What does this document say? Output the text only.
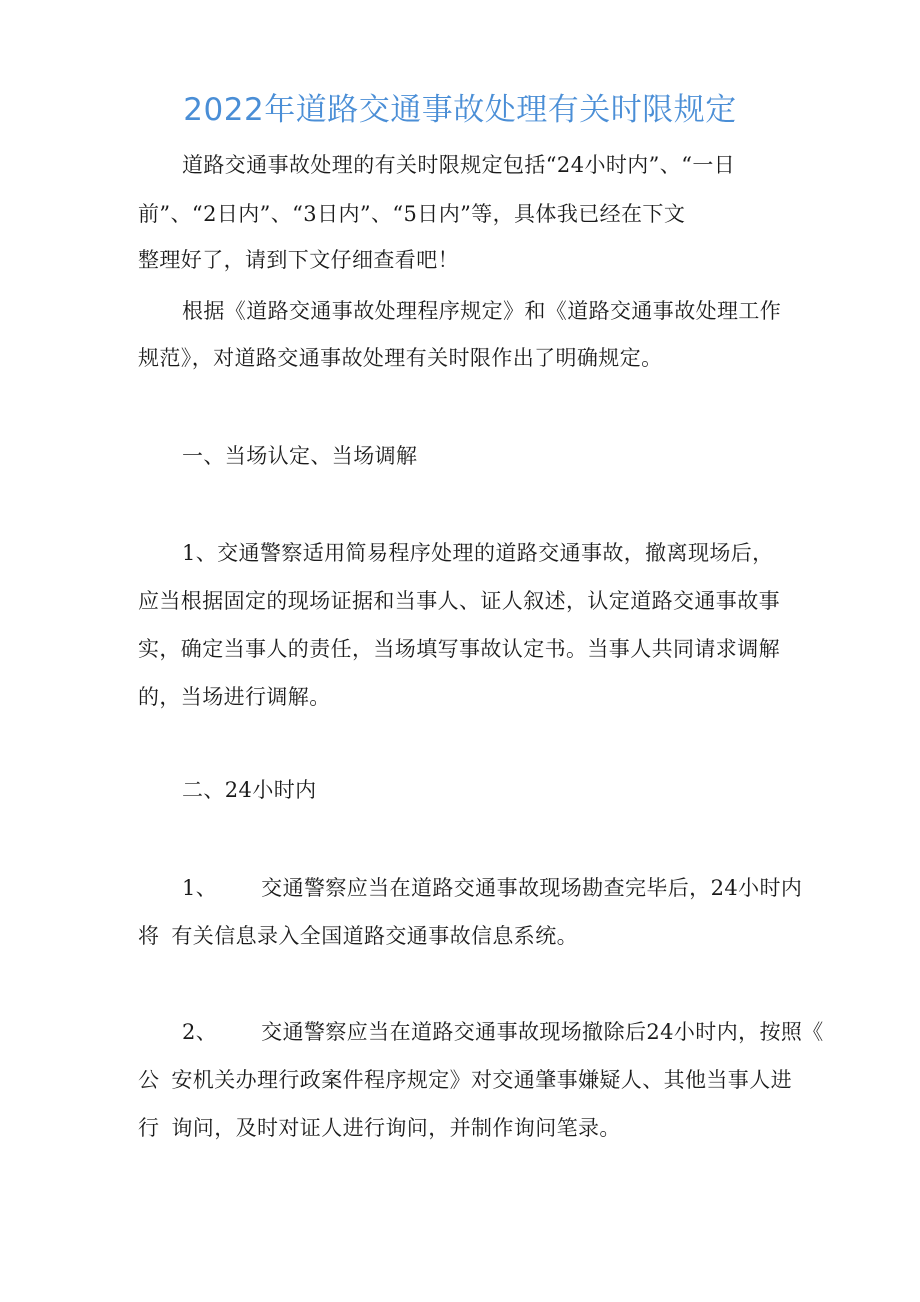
2022年道路交通事故处理有关时限规定
道路交通事故处理的有关时限规定包括“24小时内”、“一日
前”、“2日内”、“3日内”、“5日内”等，具体我已经在下文
整理好了，请到下文仔细查看吧！
根据《道路交通事故处理程序规定》和《道路交通事故处理工作
规范》，对道路交通事故处理有关时限作出了明确规定。
一、当场认定、当场调解
1、交通警察适用简易程序处理的道路交通事故，撤离现场后，
应当根据固定的现场证据和当事人、证人叙述，认定道路交通事故事
实，确定当事人的责任，当场填写事故认定书。当事人共同请求调解
的，当场进行调解。
二、24小时内
1、 交通警察应当在道路交通事故现场勘查完毕后，24小时内
将 有关信息录入全国道路交通事故信息系统。
2、 交通警察应当在道路交通事故现场撤除后24小时内，按照《
公 安机关办理行政案件程序规定》对交通肇事嫌疑人、其他当事人进
行 询问，及时对证人进行询问，并制作询问笔录。
